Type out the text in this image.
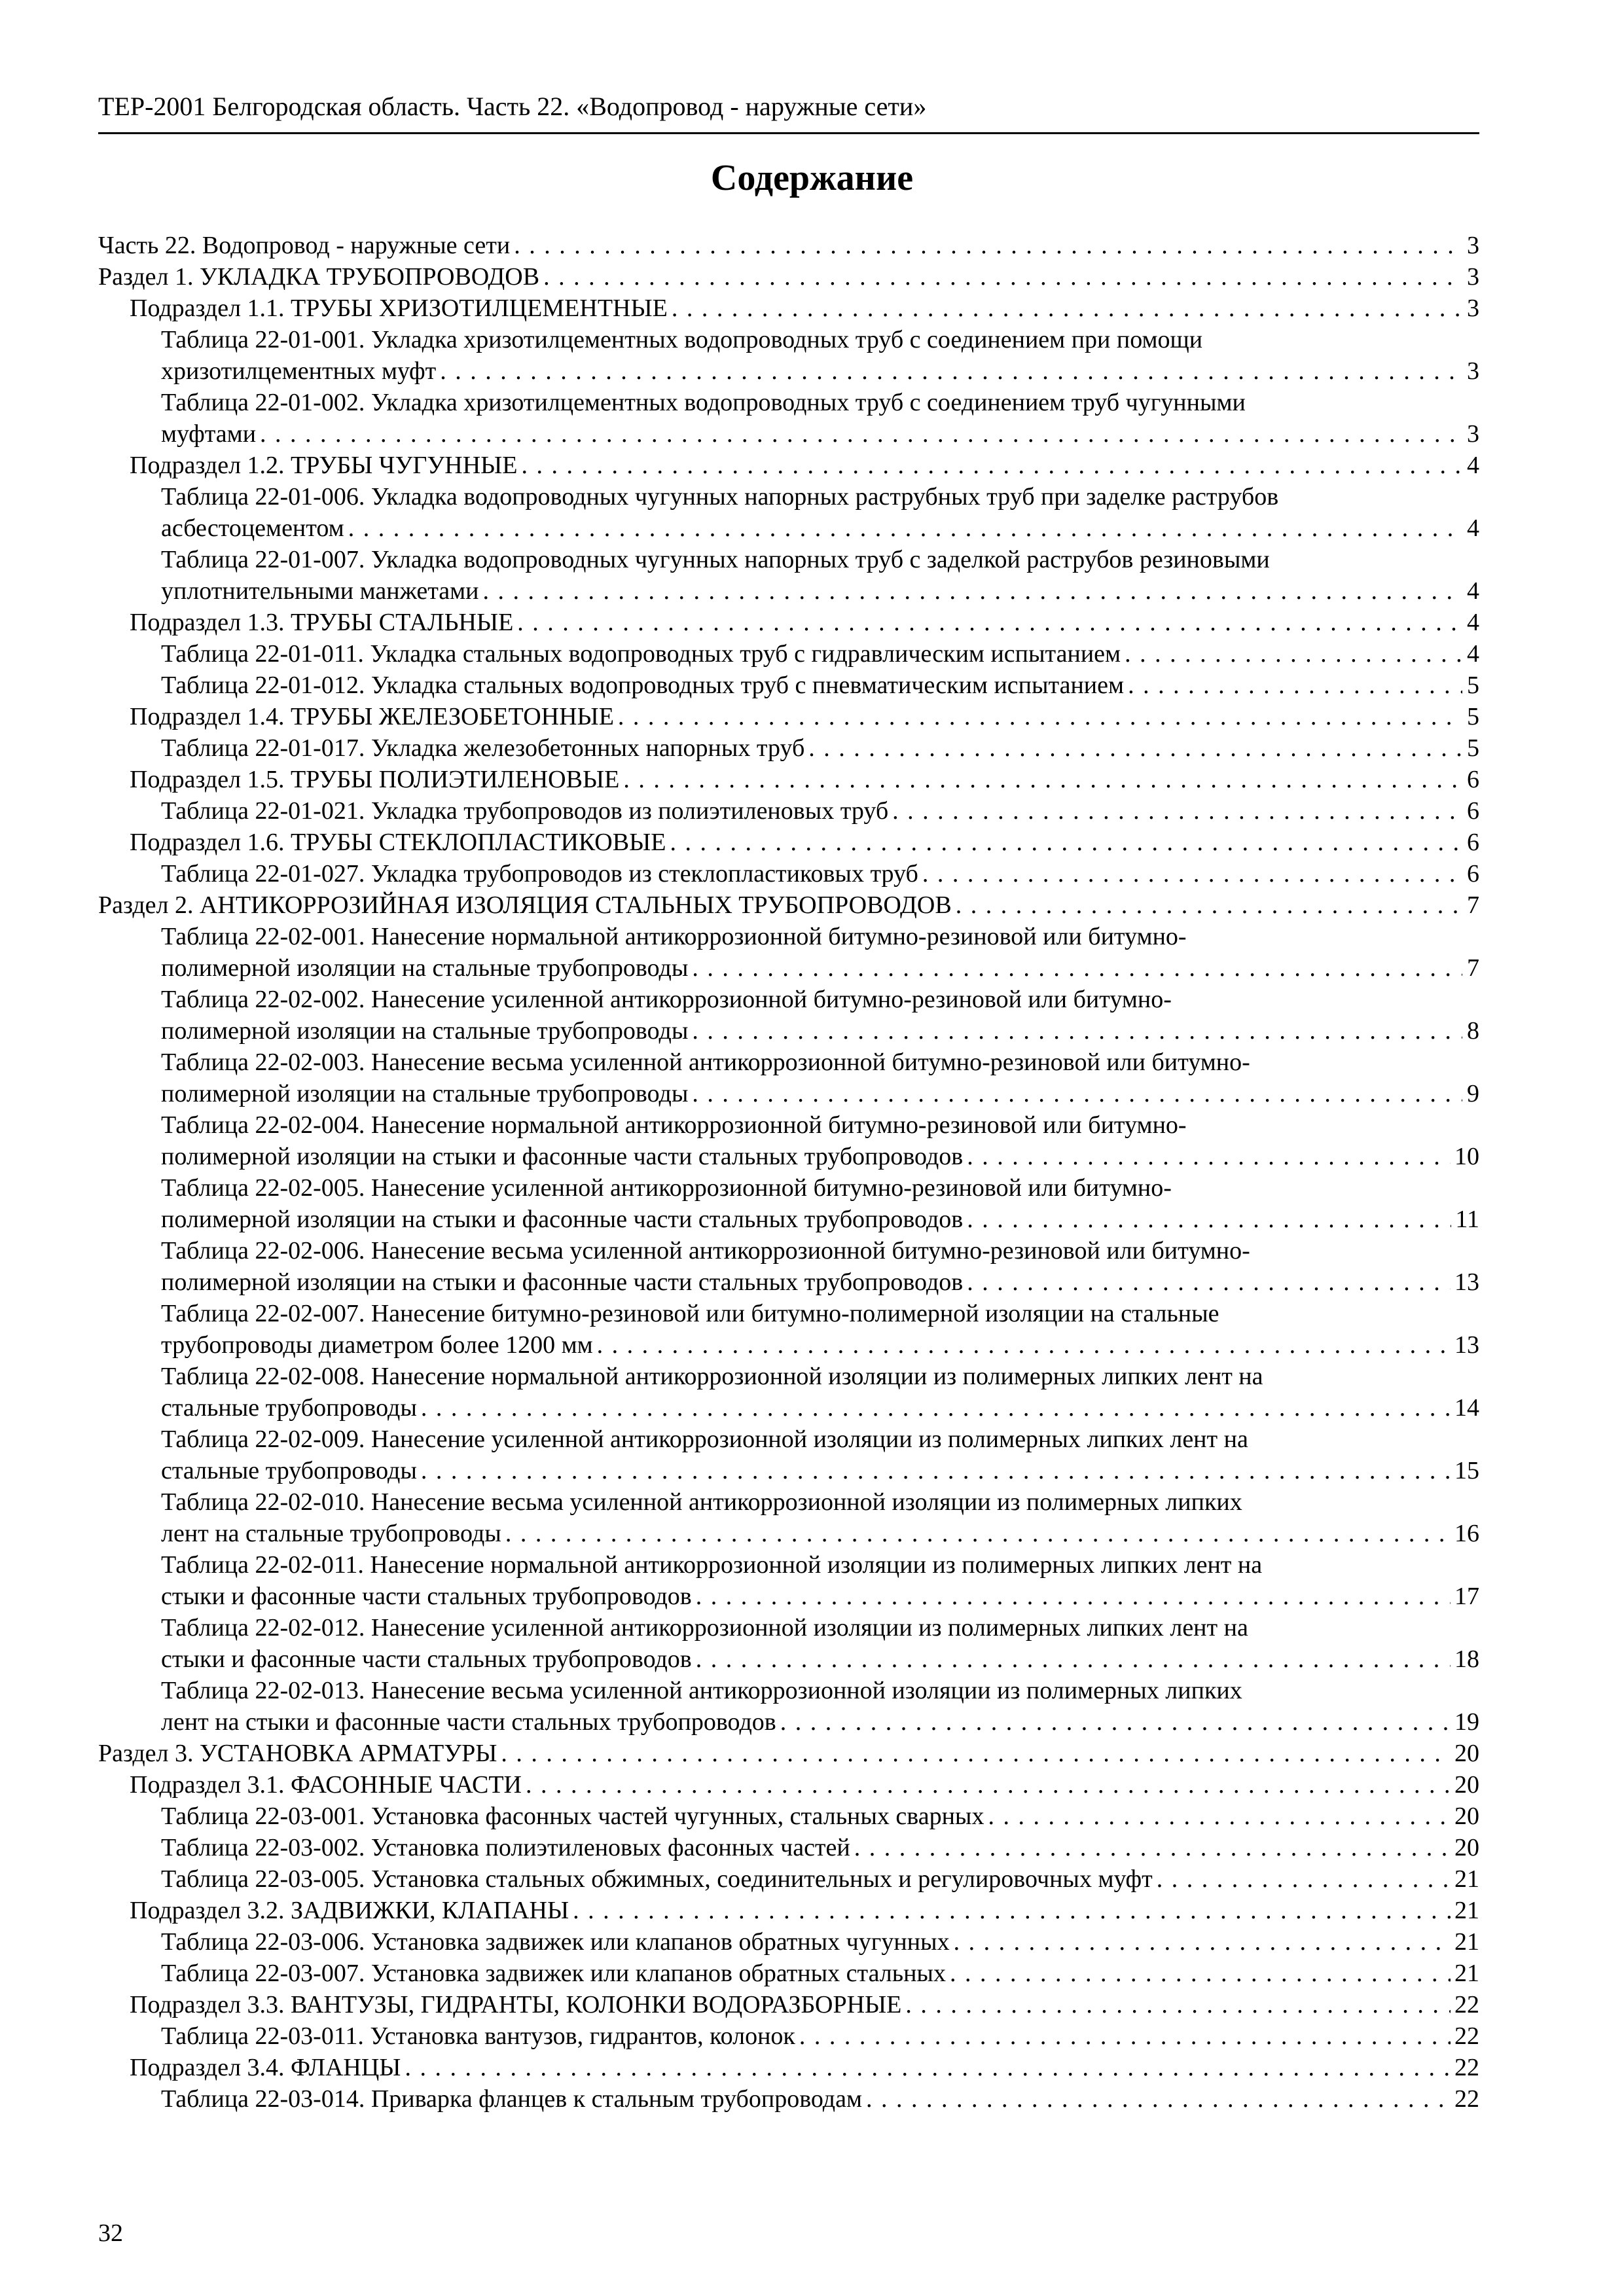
ТЕР-2001 Белгородская область. Часть 22. «Водопровод - наружные сети»
Содержание
Часть 22. Водопровод - наружные сети . . .	3
Раздел 1. УКЛАДКА ТРУБОПРОВОДОВ . . .	3
Подраздел 1.1. ТРУБЫ ХРИЗОТИЛЦЕМЕНТНЫЕ . . .	3
Таблица 22-01-001. Укладка хризотилцементных водопроводных труб с соединением при помощи
хризотилцементных муфт . . .	3
Таблица 22-01-002. Укладка хризотилцементных водопроводных труб с соединением труб чугунными
муфтами . . .	3
Подраздел 1.2. ТРУБЫ ЧУГУННЫЕ . . .	4
Таблица 22-01-006. Укладка водопроводных чугунных напорных раструбных труб при заделке раструбов
асбестоцементом . . .	4
Таблица 22-01-007. Укладка водопроводных чугунных напорных труб с заделкой раструбов резиновыми
уплотнительными манжетами . . .	4
Подраздел 1.3. ТРУБЫ СТАЛЬНЫЕ . . .	4
Таблица 22-01-011. Укладка стальных водопроводных труб с гидравлическим испытанием . . .	4
Таблица 22-01-012. Укладка стальных водопроводных труб с пневматическим испытанием . . .	5
Подраздел 1.4. ТРУБЫ ЖЕЛЕЗОБЕТОННЫЕ . . .	5
Таблица 22-01-017. Укладка железобетонных напорных труб . . .	5
Подраздел 1.5. ТРУБЫ ПОЛИЭТИЛЕНОВЫЕ . . .	6
Таблица 22-01-021. Укладка трубопроводов из полиэтиленовых труб . . .	6
Подраздел 1.6. ТРУБЫ СТЕКЛОПЛАСТИКОВЫЕ . . .	6
Таблица 22-01-027. Укладка трубопроводов из стеклопластиковых труб . . .	6
Раздел 2. АНТИКОРРОЗИЙНАЯ ИЗОЛЯЦИЯ СТАЛЬНЫХ ТРУБОПРОВОДОВ . . .	7
Таблица 22-02-001. Нанесение нормальной антикоррозионной битумно-резиновой или битумно-
полимерной изоляции на стальные трубопроводы . . .	7
Таблица 22-02-002. Нанесение усиленной антикоррозионной битумно-резиновой или битумно-
полимерной изоляции на стальные трубопроводы . . .	8
Таблица 22-02-003. Нанесение весьма усиленной антикоррозионной битумно-резиновой или битумно-
полимерной изоляции на стальные трубопроводы . . .	9
Таблица 22-02-004. Нанесение нормальной антикоррозионной битумно-резиновой или битумно-
полимерной изоляции на стыки и фасонные части стальных трубопроводов . . .	10
Таблица 22-02-005. Нанесение усиленной антикоррозионной битумно-резиновой или битумно-
полимерной изоляции на стыки и фасонные части стальных трубопроводов . . .	11
Таблица 22-02-006. Нанесение весьма усиленной антикоррозионной битумно-резиновой или битумно-
полимерной изоляции на стыки и фасонные части стальных трубопроводов . . .	13
Таблица 22-02-007. Нанесение битумно-резиновой или битумно-полимерной изоляции на стальные
трубопроводы диаметром более 1200 мм . . .	13
Таблица 22-02-008. Нанесение нормальной антикоррозионной изоляции из полимерных липких лент на
стальные трубопроводы . . .	14
Таблица 22-02-009. Нанесение усиленной антикоррозионной изоляции из полимерных липких лент на
стальные трубопроводы . . .	15
Таблица 22-02-010. Нанесение весьма усиленной антикоррозионной изоляции из полимерных липких
лент на стальные трубопроводы . . .	16
Таблица 22-02-011. Нанесение нормальной антикоррозионной изоляции из полимерных липких лент на
стыки и фасонные части стальных трубопроводов . . .	17
Таблица 22-02-012. Нанесение усиленной антикоррозионной изоляции из полимерных липких лент на
стыки и фасонные части стальных трубопроводов . . .	18
Таблица 22-02-013. Нанесение весьма усиленной антикоррозионной изоляции из полимерных липких
лент на стыки и фасонные части стальных трубопроводов . . .	19
Раздел 3. УСТАНОВКА АРМАТУРЫ . . .	20
Подраздел 3.1. ФАСОННЫЕ ЧАСТИ . . .	20
Таблица 22-03-001. Установка фасонных частей чугунных, стальных сварных . . .	20
Таблица 22-03-002. Установка полиэтиленовых фасонных частей . . .	20
Таблица 22-03-005. Установка стальных обжимных, соединительных и регулировочных муфт . . .	21
Подраздел 3.2. ЗАДВИЖКИ, КЛАПАНЫ . . .	21
Таблица 22-03-006. Установка задвижек или клапанов обратных чугунных . . .	21
Таблица 22-03-007. Установка задвижек или клапанов обратных стальных . . .	21
Подраздел 3.3. ВАНТУЗЫ, ГИДРАНТЫ, КОЛОНКИ ВОДОРАЗБОРНЫЕ . . .	22
Таблица 22-03-011. Установка вантузов, гидрантов, колонок . . .	22
Подраздел 3.4. ФЛАНЦЫ . . .	22
Таблица 22-03-014. Приварка фланцев к стальным трубопроводам . . .	22
32
